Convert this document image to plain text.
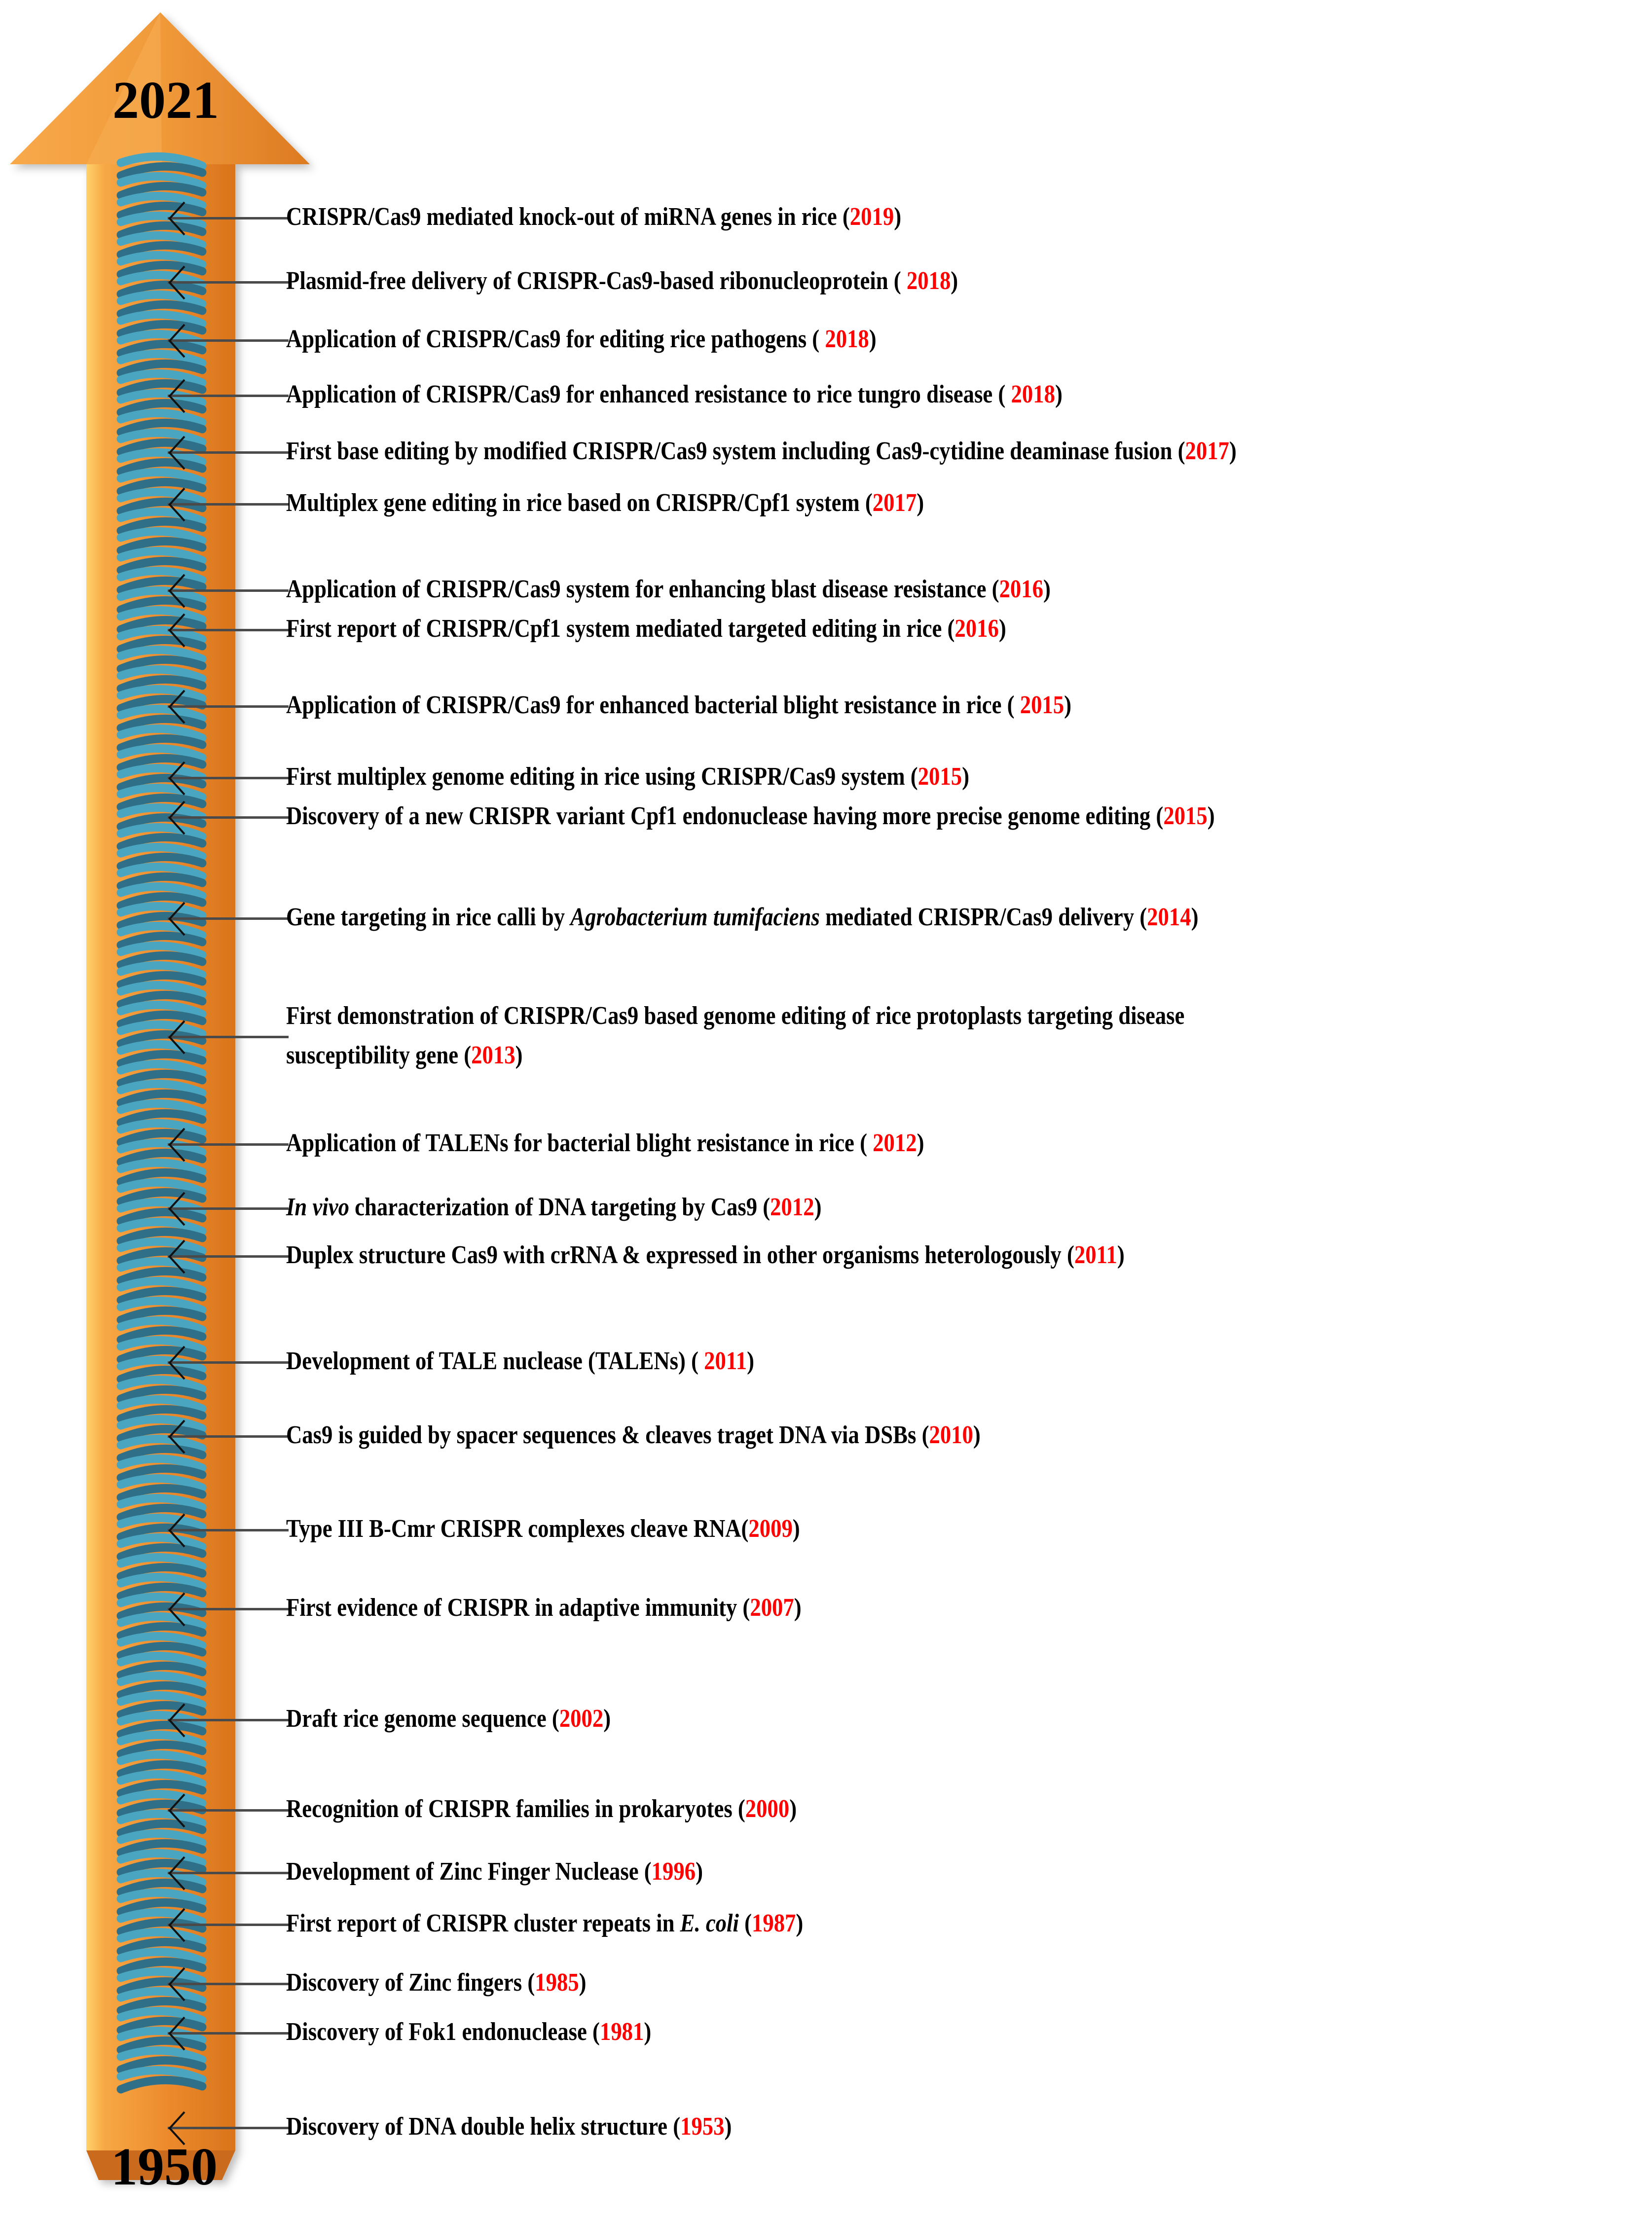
2021
1950
CRISPR/Cas9 mediated knock-out of miRNA genes in rice (2019)
Plasmid-free delivery of CRISPR-Cas9-based ribonucleoprotein ( 2018)
Application of CRISPR/Cas9 for editing rice pathogens ( 2018)
Application of CRISPR/Cas9 for enhanced resistance to rice tungro disease ( 2018)
First base editing by modified CRISPR/Cas9 system including Cas9-cytidine deaminase fusion (2017)
Multiplex gene editing in rice based on CRISPR/Cpf1 system (2017)
Application of CRISPR/Cas9 system for enhancing blast disease resistance (2016)
First report of CRISPR/Cpf1 system mediated targeted editing in rice (2016)
Application of CRISPR/Cas9 for enhanced bacterial blight resistance in rice ( 2015)
First multiplex genome editing in rice using CRISPR/Cas9 system (2015)
Discovery of a new CRISPR variant Cpf1 endonuclease having more precise genome editing (2015)
Gene targeting in rice calli by Agrobacterium tumifaciens mediated CRISPR/Cas9 delivery (2014)
First demonstration of CRISPR/Cas9 based genome editing of rice protoplasts targeting disease
susceptibility gene (2013)
Application of TALENs for bacterial blight resistance in rice ( 2012)
In vivo characterization of DNA targeting by Cas9 (2012)
Duplex structure Cas9 with crRNA & expressed in other organisms heterologously (2011)
Development of TALE nuclease (TALENs) ( 2011)
Cas9 is guided by spacer sequences & cleaves traget DNA via DSBs (2010)
Type III B-Cmr CRISPR complexes cleave RNA(2009)
First evidence of CRISPR in adaptive immunity (2007)
Draft rice genome sequence (2002)
Recognition of CRISPR families in prokaryotes (2000)
Development of Zinc Finger Nuclease (1996)
First report of CRISPR cluster repeats in E. coli (1987)
Discovery of Zinc fingers (1985)
Discovery of Fok1 endonuclease (1981)
Discovery of DNA double helix structure (1953)
